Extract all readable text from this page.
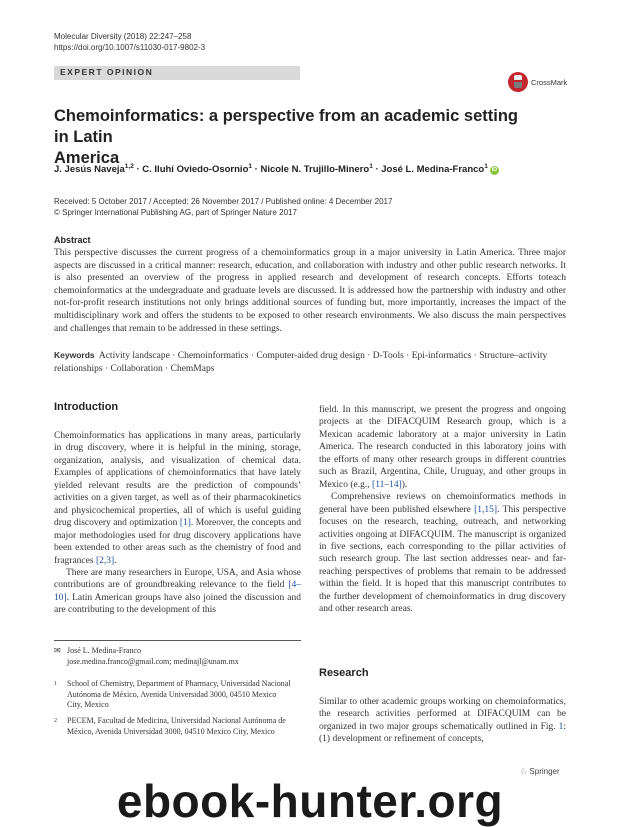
Molecular Diversity (2018) 22:247–258
https://doi.org/10.1007/s11030-017-9802-3
EXPERT OPINION
CrossMark
Chemoinformatics: a perspective from an academic setting in Latin
America
J. Jesús Naveja$^{1,2}$ · C. Iluhí Oviedo-Osornio$^1$ · Nicole N. Trujillo-Minero$^1$ · José L. Medina-Franco$^1$iD
Received: 5 October 2017 / Accepted: 26 November 2017 / Published online: 4 December 2017
© Springer International Publishing AG, part of Springer Nature 2017
Abstract
This perspective discusses the current progress of a chemoinformatics group in a major university in Latin America. Three major aspects are discussed in a critical manner: research, education, and collaboration with industry and other public research networks. It is also presented an overview of the progress in applied research and development of research concepts. Efforts toteach chemoinformatics at the undergraduate and graduate levels are discussed. It is addressed how the partnership with industry and other not-for-profit research institutions not only brings additional sources of funding but, more importantly, increases the impact of the multidisciplinary work and offers the students to be exposed to other research environments. We also discuss the main perspectives and challenges that remain to be addressed in these settings.
Keywords Activity landscape · Chemoinformatics · Computer-aided drug design · D-Tools · Epi-informatics · Structure–activity relationships · Collaboration · ChemMaps
Introduction

Chemoinformatics has applications in many areas, particularly in drug discovery, where it is helpful in the mining, storage, organization, analysis, and visualization of chemical data. Examples of applications of chemoinformatics that have lately yielded relevant results are the prediction of compounds’ activities on a given target, as well as of their pharmacokinetics and physicochemical properties, all of which is useful guiding drug discovery and optimization [1]. Moreover, the concepts and major methodologies used for drug discovery applications have been extended to other areas such as the chemistry of food and fragrances [2,3].

There are many researchers in Europe, USA, and Asia whose contributions are of groundbreaking relevance to the field [4–10]. Latin American groups have also joined the discussion and are contributing to the development of this

✉ José L. Medina-Franco
jose.medina.franco@gmail.com; medinajl@unam.mx
1 School of Chemistry, Department of Pharmacy, Universidad Nacional Autónoma de México, Avenida Universidad 3000, 04510 Mexico City, Mexico
2 PECEM, Facultad de Medicina, Universidad Nacional Autónoma de México, Avenida Universidad 3000, 04510 Mexico City, Mexico

field. In this manuscript, we present the progress and ongoing projects at the DIFACQUIM Research group, which is a Mexican academic laboratory at a major university in Latin America. The research conducted in this laboratory joins with the efforts of many other research groups in different countries such as Brazil, Argentina, Chile, Uruguay, and other groups in Mexico (e.g., [11–14]).

Comprehensive reviews on chemoinformatics methods in general have been published elsewhere [1,15]. This perspective focuses on the research, teaching, outreach, and networking activities ongoing at DIFACQUIM. The manuscript is organized in five sections, each corresponding to the pillar activities of such research group. The last section addresses near- and far-reaching perspectives of problems that remain to be addressed within the field. It is hoped that this manuscript contributes to the further development of chemoinformatics in drug discovery and other research areas.

Research

Similar to other academic groups working on chemoinformatics, the research activities performed at DIFACQUIM can be organized in two major groups schematically outlined in Fig. 1: (1) development or refinement of concepts,

♘ Springer
ebook-hunter.org
